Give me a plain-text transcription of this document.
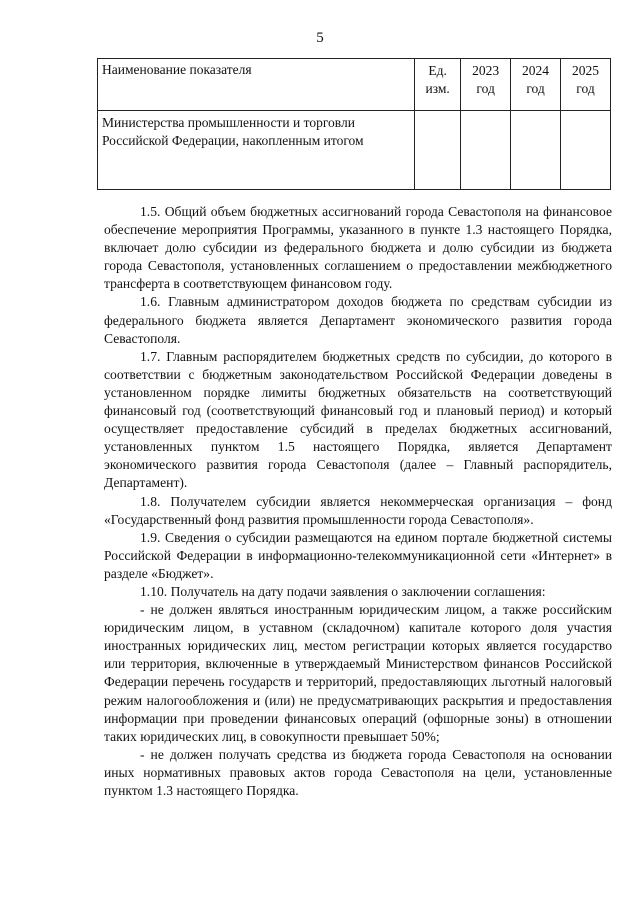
5
Наименование показателя	Ед. изм.	2023 год	2024 год	2025 год
Министерства промышленности и торговли Российской Федерации, накопленным итогом				

1.5. Общий объем бюджетных ассигнований города Севастополя на финансовое обеспечение мероприятия Программы, указанного в пункте 1.3 настоящего Порядка, включает долю субсидии из федерального бюджета и долю субсидии из бюджета города Севастополя, установленных соглашением о предоставлении межбюджетного трансферта в соответствующем финансовом году.

1.6. Главным администратором доходов бюджета по средствам субсидии из федерального бюджета является Департамент экономического развития города Севастополя.

1.7. Главным распорядителем бюджетных средств по субсидии, до которого в соответствии с бюджетным законодательством Российской Федерации доведены в установленном порядке лимиты бюджетных обязательств на соответствующий финансовый год (соответствующий финансовый год и плановый период) и который осуществляет предоставление субсидий в пределах бюджетных ассигнований, установленных пунктом 1.5 настоящего Порядка, является Департамент экономического развития города Севастополя (далее – Главный распорядитель, Департамент).

1.8. Получателем субсидии является некоммерческая организация – фонд «Государственный фонд развития промышленности города Севастополя».

1.9. Сведения о субсидии размещаются на едином портале бюджетной системы Российской Федерации в информационно-телекоммуникационной сети «Интернет» в разделе «Бюджет».

1.10. Получатель на дату подачи заявления о заключении соглашения:

- не должен являться иностранным юридическим лицом, а также российским юридическим лицом, в уставном (складочном) капитале которого доля участия иностранных юридических лиц, местом регистрации которых является государство или территория, включенные в утверждаемый Министерством финансов Российской Федерации перечень государств и территорий, предоставляющих льготный налоговый режим налогообложения и (или) не предусматривающих раскрытия и предоставления информации при проведении финансовых операций (офшорные зоны) в отношении таких юридических лиц, в совокупности превышает 50%;

- не должен получать средства из бюджета города Севастополя на основании иных нормативных правовых актов города Севастополя на цели, установленные пунктом 1.3 настоящего Порядка.
